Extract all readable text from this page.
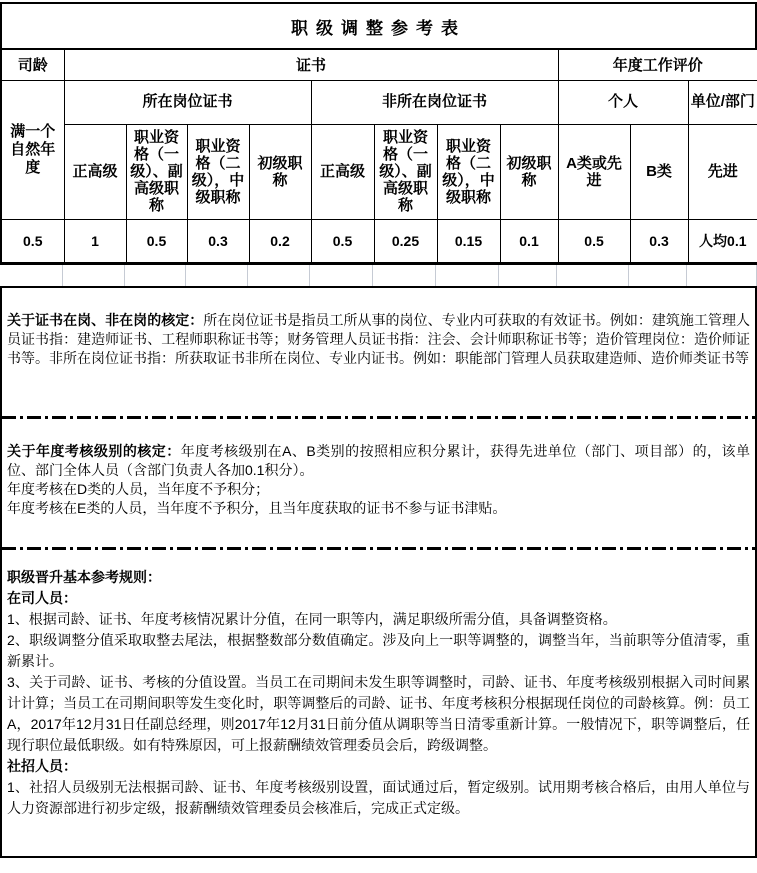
职级调整参考表
司龄	证书								年度工作评价		
满一个自然年度	所在岗位证书				非所在岗位证书				个人		单位/部门
	正高级	职业资格（一级）、副高级职称	职业资格（二级），中级职称	初级职称	正高级	职业资格（一级）、副高级职称	职业资格（二级），中级职称	初级职称	A类或先进	B类	先进
0.5	1	0.5	0.3	0.2	0.5	0.25	0.15	0.1	0.5	0.3	人均0.1
关于证书在岗、非在岗的核定：所在岗位证书是指员工所从事的岗位、专业内可获取的有效证书。例如：建筑施工管理人员证书指：建造师证书、工程师职称证书等；财务管理人员证书指：注会、会计师职称证书等；造价管理岗位：造价师证书等。非所在岗位证书指：所获取证书非所在岗位、专业内证书。例如：职能部门管理人员获取建造师、造价师类证书等
关于年度考核级别的核定：年度考核级别在A、B类别的按照相应积分累计，获得先进单位（部门、项目部）的，该单位、部门全体人员（含部门负责人各加0.1积分）。
年度考核在D类的人员，当年度不予积分；
年度考核在E类的人员，当年度不予积分，且当年度获取的证书不参与证书津贴。
职级晋升基本参考规则：
在司人员：
1、根据司龄、证书、年度考核情况累计分值，在同一职等内，满足职级所需分值，具备调整资格。
2、职级调整分值采取取整去尾法，根据整数部分数值确定。涉及向上一职等调整的，调整当年，当前职等分值清零，重新累计。
3、关于司龄、证书、考核的分值设置。当员工在司期间未发生职等调整时，司龄、证书、年度考核级别根据入司时间累计计算；当员工在司期间职等发生变化时，职等调整后的司龄、证书、年度考核积分根据现任岗位的司龄核算。例：员工A，2017年12月31日任副总经理，则2017年12月31日前分值从调职等当日清零重新计算。一般情况下，职等调整后，任现行职位最低职级。如有特殊原因，可上报薪酬绩效管理委员会后，跨级调整。
社招人员：
1、社招人员级别无法根据司龄、证书、年度考核级别设置，面试通过后，暂定级别。试用期考核合格后，由用人单位与人力资源部进行初步定级，报薪酬绩效管理委员会核准后，完成正式定级。
